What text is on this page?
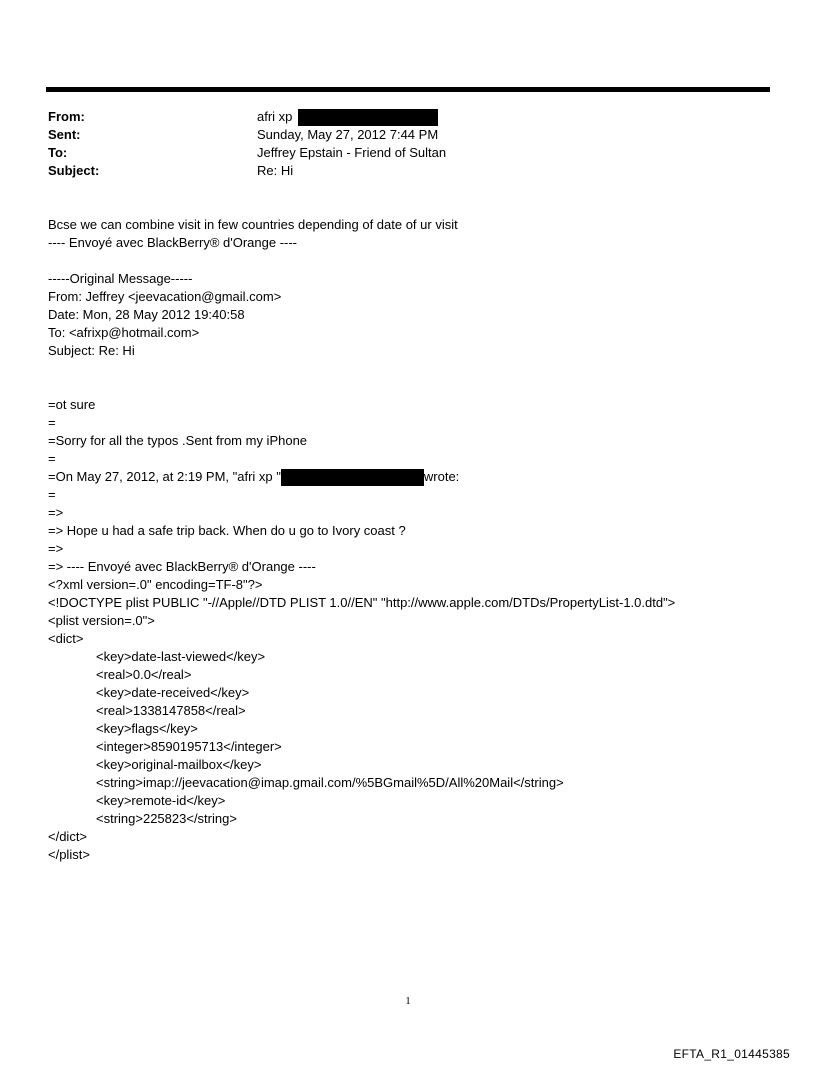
From:	afri xp
Sent:	Sunday, May 27, 2012 7:44 PM
To:	Jeffrey Epstain - Friend of Sultan
Subject:	Re: Hi
Bcse we can combine visit in few countries depending of date of ur visit
---- Envoyé avec BlackBerry® d'Orange ----
-----Original Message-----
From: Jeffrey <jeevacation@gmail.com>
Date: Mon, 28 May 2012 19:40:58
To: <afrixp@hotmail.com>
Subject: Re: Hi
=ot sure
=
=Sorry for all the typos .Sent from my iPhone
=
=On May 27, 2012, at 2:19 PM, "afri xp "	wrote:
=
=>
=> Hope u had a safe trip back. When do u go to Ivory coast ?
=>
=> ---- Envoyé avec BlackBerry® d'Orange ----
<?xml version=.0" encoding=TF-8"?>
<!DOCTYPE plist PUBLIC "-//Apple//DTD PLIST 1.0//EN" "http://www.apple.com/DTDs/PropertyList-1.0.dtd">
<plist version=.0">
<dict>
<key>date-last-viewed</key>
<real>0.0</real>
<key>date-received</key>
<real>1338147858</real>
<key>flags</key>
<integer>8590195713</integer>
<key>original-mailbox</key>
<string>imap://jeevacation@imap.gmail.com/%5BGmail%5D/All%20Mail</string>
<key>remote-id</key>
<string>225823</string>
</dict>
</plist>
1
EFTA_R1_01445385
